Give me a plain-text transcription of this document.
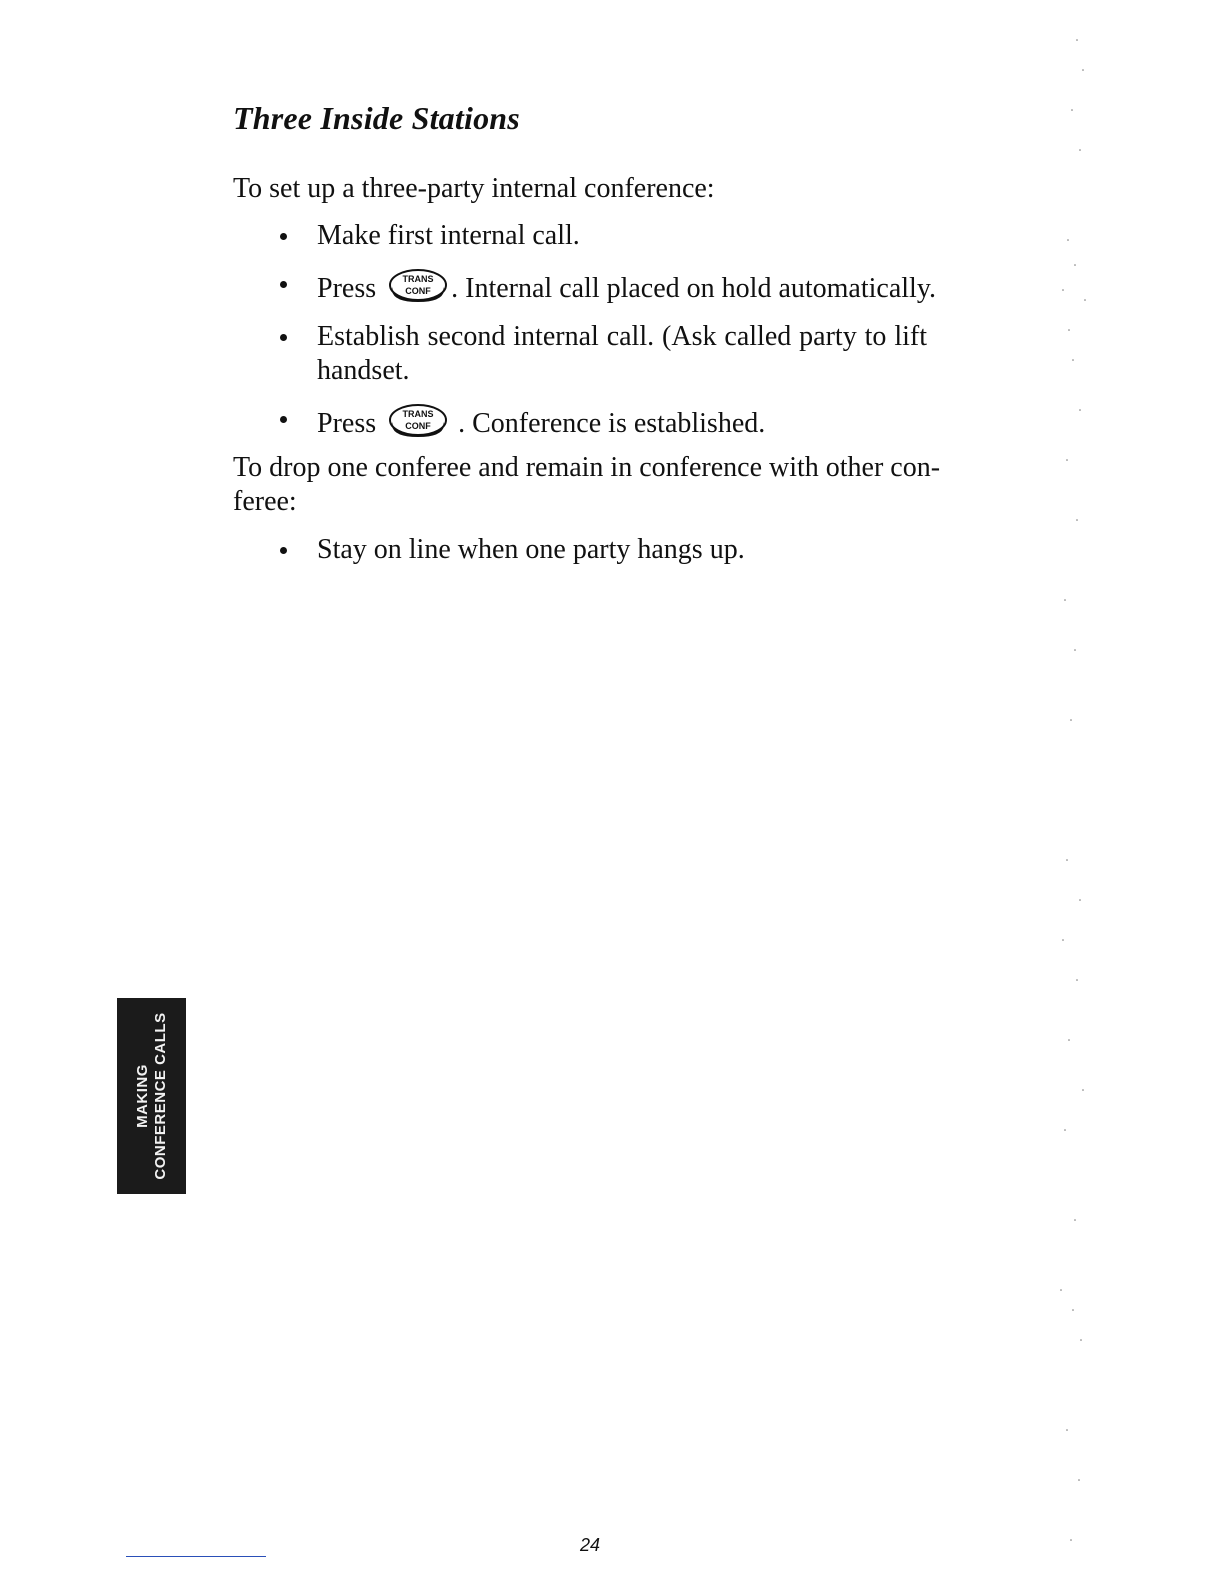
Three Inside Stations

To set up a three-party internal conference:

Make first internal call.
Press	TRANS
CONF . Internal call placed on hold automatically.
Establish second internal call. (Ask called party to lift handset.
Press	TRANS
CONF . Conference is established.

To drop one conferee and remain in conference with other con-feree:

Stay on line when one party hangs up.
MAKING CONFERENCE CALLS

24
